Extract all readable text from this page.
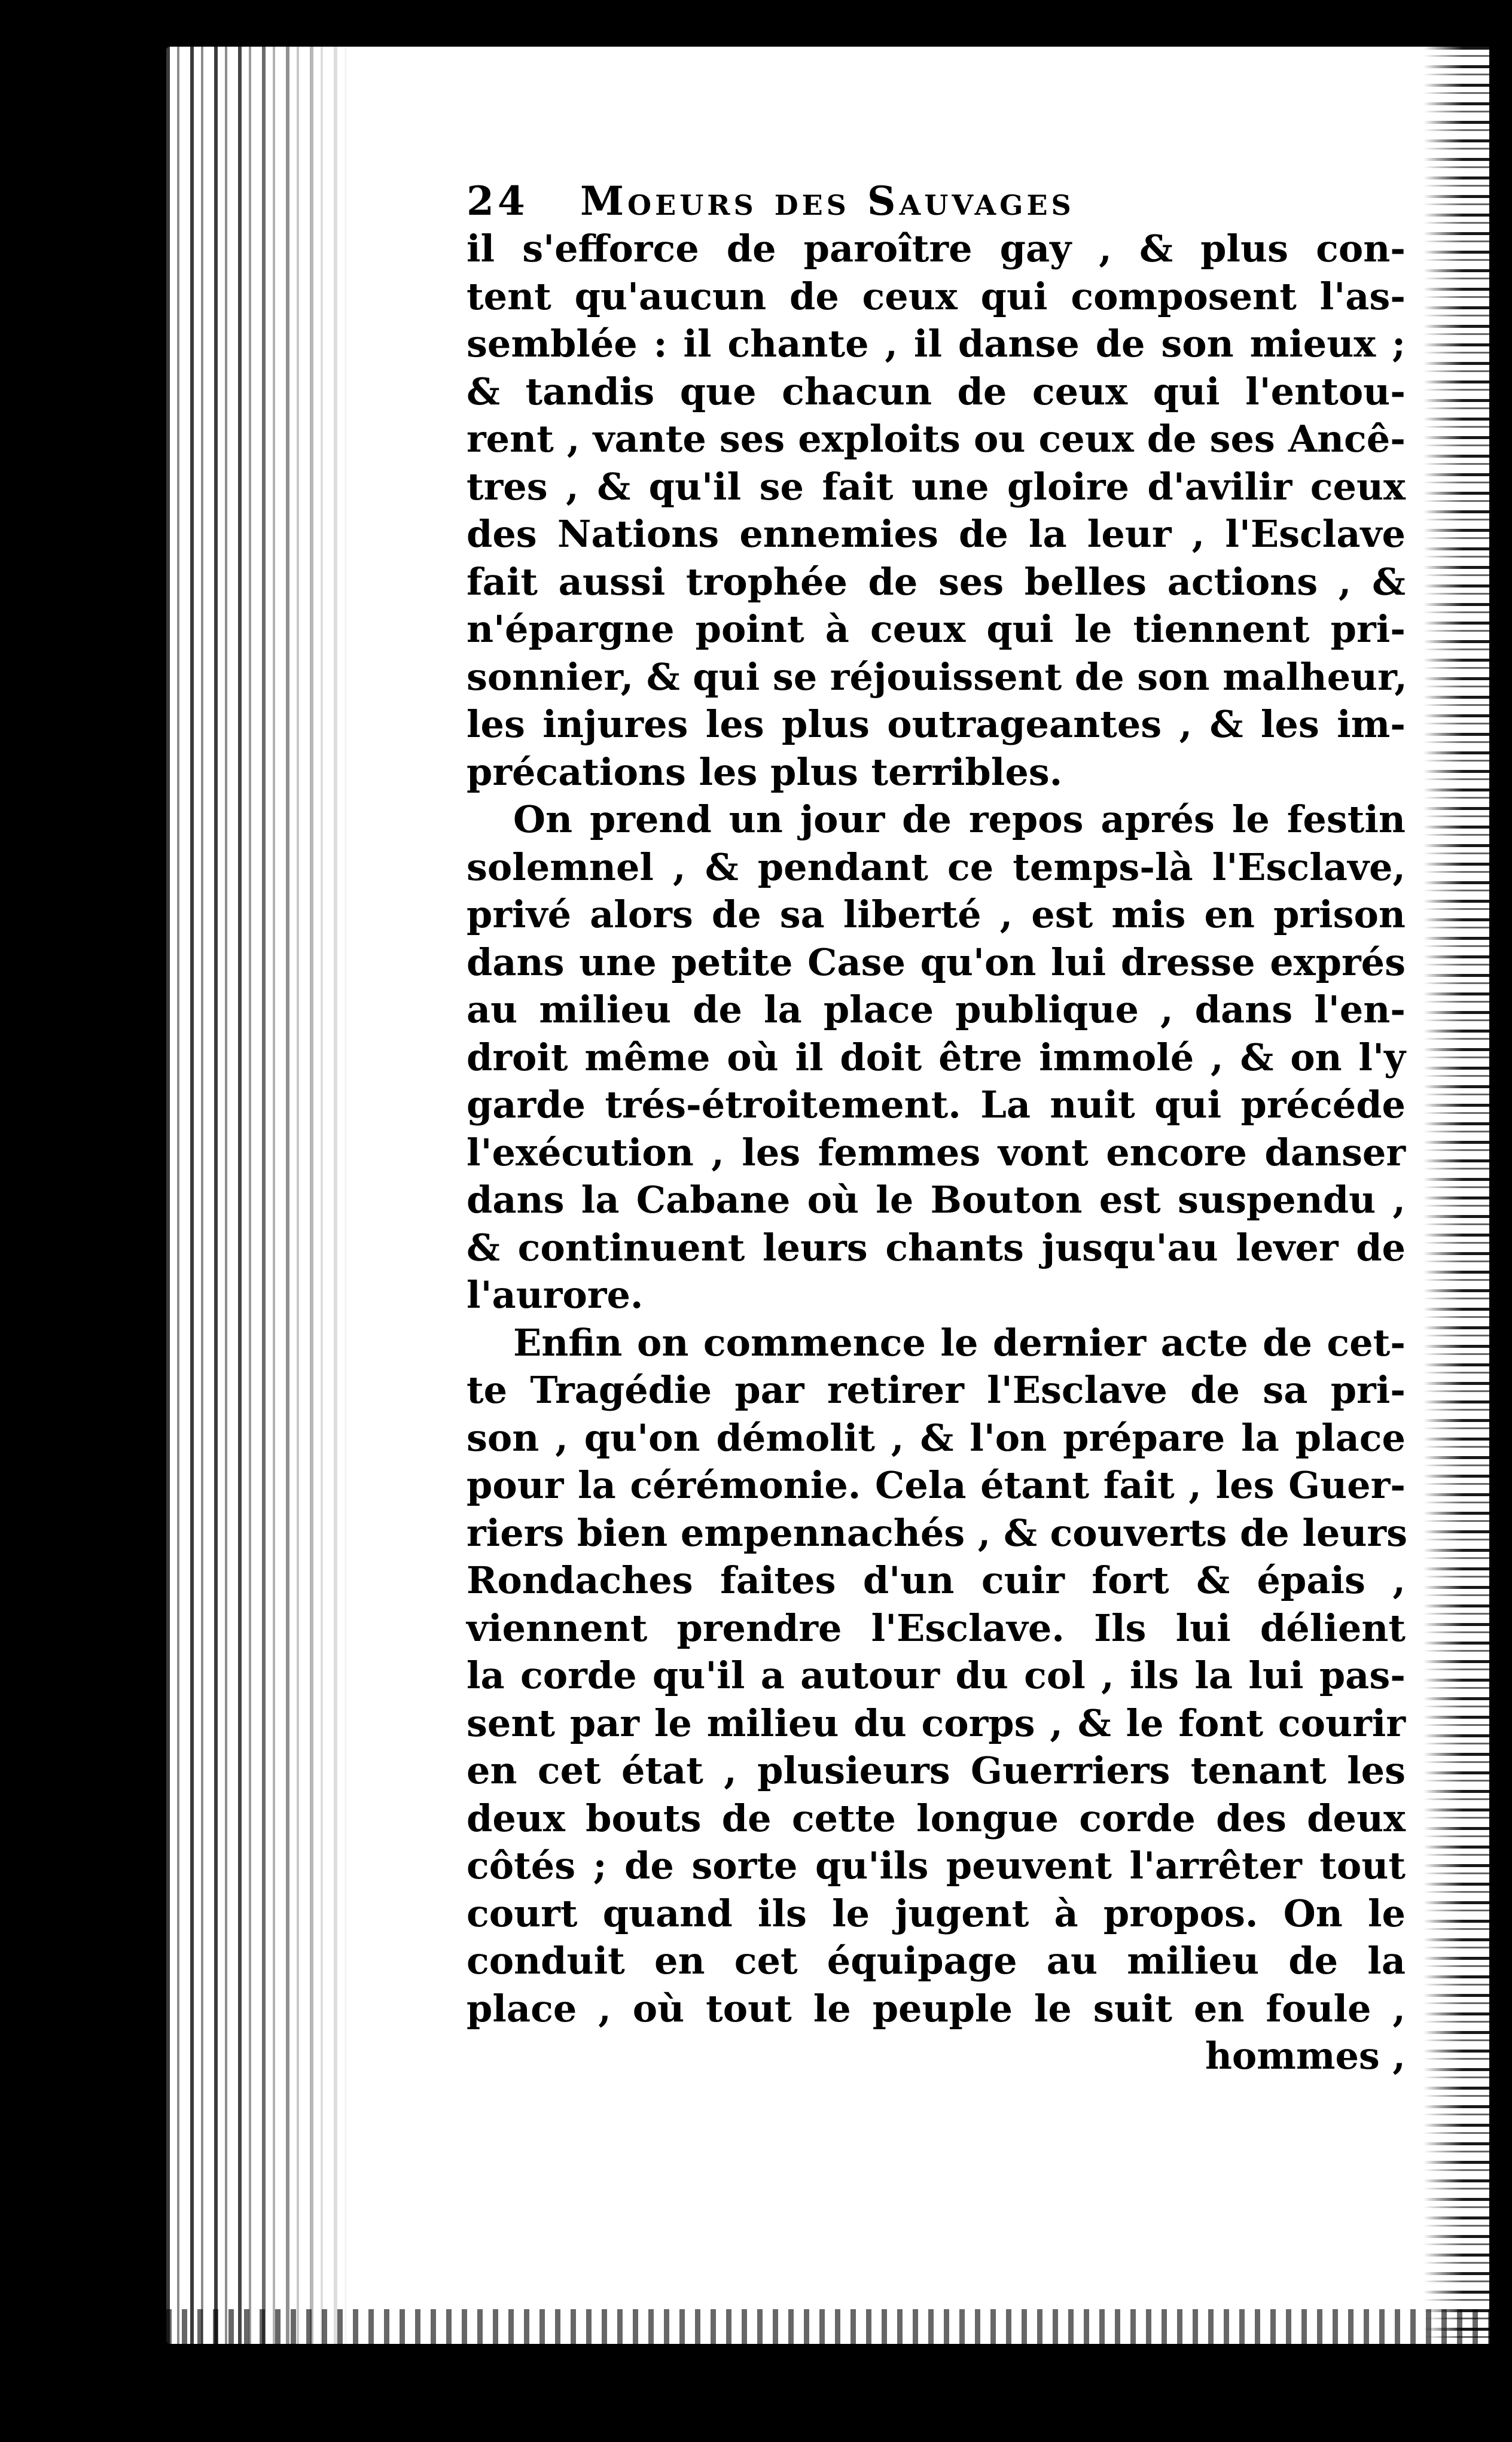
24 Moeurs des Sauvages
il s'efforce de paroître gay , & plus con-
tent qu'aucun de ceux qui composent l'as-
semblée : il chante , il danse de son mieux ;
& tandis que chacun de ceux qui l'entou-
rent , vante ses exploits ou ceux de ses Ancê-
tres , & qu'il se fait une gloire d'avilir ceux
des Nations ennemies de la leur , l'Esclave
fait aussi trophée de ses belles actions , &
n'épargne point à ceux qui le tiennent pri-
sonnier, & qui se réjouissent de son malheur,
les injures les plus outrageantes , & les im-
précations les plus terribles.
On prend un jour de repos aprés le festin
solemnel , & pendant ce temps-là l'Esclave,
privé alors de sa liberté , est mis en prison
dans une petite Case qu'on lui dresse exprés
au milieu de la place publique , dans l'en-
droit même où il doit être immolé , & on l'y
garde trés-étroitement. La nuit qui précéde
l'exécution , les femmes vont encore danser
dans la Cabane où le Bouton est suspendu ,
& continuent leurs chants jusqu'au lever de
l'aurore.
Enfin on commence le dernier acte de cet-
te Tragédie par retirer l'Esclave de sa pri-
son , qu'on démolit , & l'on prépare la place
pour la cérémonie. Cela étant fait , les Guer-
riers bien empennachés , & couverts de leurs
Rondaches faites d'un cuir fort & épais ,
viennent prendre l'Esclave. Ils lui délient
la corde qu'il a autour du col , ils la lui pas-
sent par le milieu du corps , & le font courir
en cet état , plusieurs Guerriers tenant les
deux bouts de cette longue corde des deux
côtés ; de sorte qu'ils peuvent l'arrêter tout
court quand ils le jugent à propos. On le
conduit en cet équipage au milieu de la
place , où tout le peuple le suit en foule ,
hommes ,
